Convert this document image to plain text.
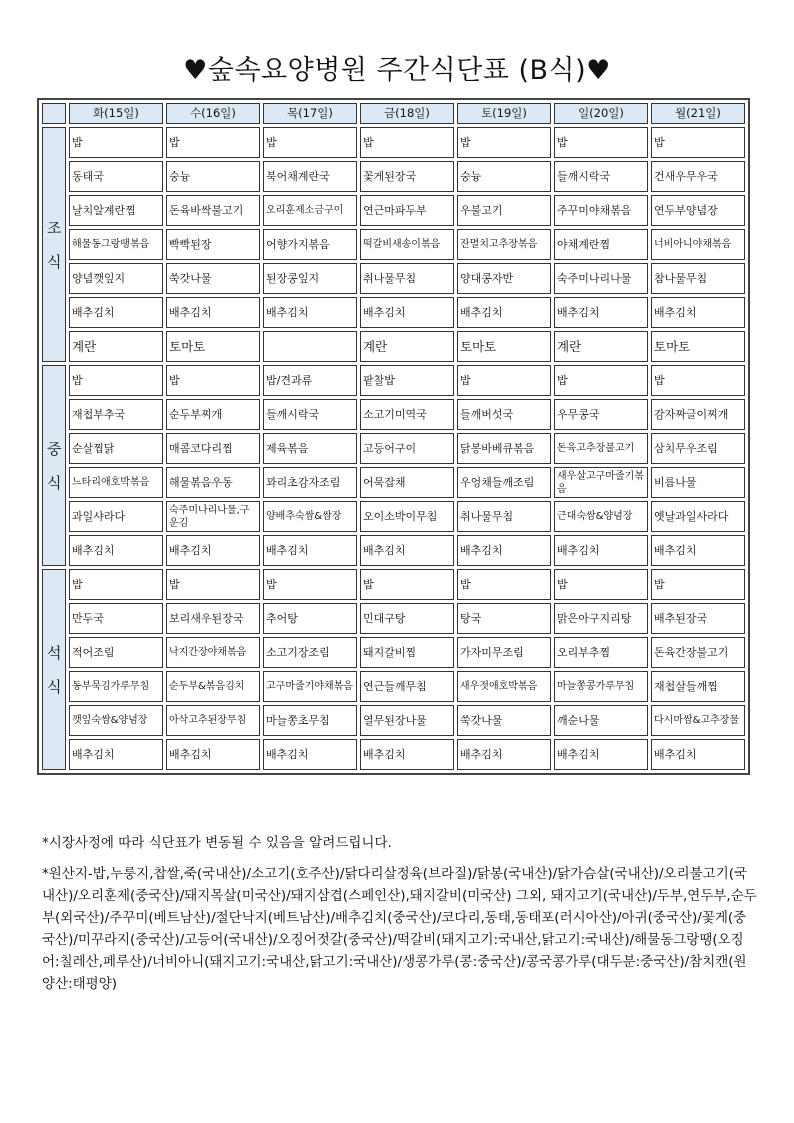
♥숲속요양병원 주간식단표 (B식)♥
	화(15일)	수(16일)	목(17일)	금(18일)	토(19일)	일(20일)	월(21일)
조 식	밥	밥	밥	밥	밥	밥	밥
	동태국	숭늉	북어채계란국	꽃게된장국	숭늉	들깨시락국	건새우무우국
	날치알계란찜	돈육바싹불고기	오리훈제소금구이	연근마파두부	우불고기	주꾸미야채볶음	연두부양념장
	해물동그랑땡볶음	빡빡된장	어향가지볶음	떡갈비새송이볶음	잔멸치고추장볶음	야채계란찜	너비아니야채볶음
	양념깻잎지	쑥갓나물	된장콩잎지	취나물무침	양대콩자반	숙주미나리나물	참나물무침
	배추김치	배추김치	배추김치	배추김치	배추김치	배추김치	배추김치
	계란	토마토		계란	토마토	계란	토마토
중 식	밥	밥	밥/견과류	팥찰밥	밥	밥	밥
	재첩부추국	순두부찌개	들깨시락국	소고기미역국	들깨버섯국	우무콩국	감자짜글이찌개
	순살찜닭	매콤코다리찜	제육볶음	고등어구이	닭봉바베큐볶음	돈육고추장불고기	삼치무우조림
	느타리애호박볶음	해물볶음우동	꽈리초감자조림	어묵잡채	우엉채들깨조림	새우살고구마줄기볶음	비름나물
	과일샤라다	숙주미나리나물,구운김	양배추숙쌈&쌈장	오이소박이무침	취나물무침	근대숙쌈&양념장	옛날과일사라다
	배추김치	배추김치	배추김치	배추김치	배추김치	배추김치	배추김치
석 식	밥	밥	밥	밥	밥	밥	밥
	만두국	보리새우된장국	추어탕	민대구탕	탕국	맑은아구지리탕	배추된장국
	적어조림	낙지간장야채볶음	소고기장조림	돼지갈비찜	가자미무조림	오리부추찜	돈육간장불고기
	동부묵김가루무침	순두부&볶음김치	고구마줄기야채볶음	연근들깨무침	새우젓애호박볶음	마늘쫑콩가루무침	재첩살들깨찜
	깻잎숙쌈&양념장	아삭고추된장무침	마늘쫑초무침	열무된장나물	쑥갓나물	깨순나물	다시마쌈&고추장물
	배추김치	배추김치	배추김치	배추김치	배추김치	배추김치	배추김치

*시장사정에 따라 식단표가 변동될 수 있음을 알려드립니다.

*원산지-밥,누룽지,찹쌀,죽(국내산)/소고기(호주산)/닭다리살정육(브라질)/닭봉(국내산)/닭가슴살(국내산)/오리불고기(국내산)/오리훈제(중국산)/돼지목살(미국산)/돼지삼겹(스페인산),돼지갈비(미국산) 그외, 돼지고기(국내산)/두부,연두부,순두부(외국산)/주꾸미(베트남산)/절단낙지(베트남산)/배추김치(중국산)/코다리,동태,동태포(러시아산)/아귀(중국산)/꽃게(중국산)/미꾸라지(중국산)/고등어(국내산)/오징어젓갈(중국산)/떡갈비(돼지고기:국내산,닭고기:국내산)/해물동그랑땡(오징어:칠레산,페루산)/너비아니(돼지고기:국내산,닭고기:국내산)/생콩가루(콩:중국산)/콩국콩가루(대두분:중국산)/참치캔(원양산:태평양)
